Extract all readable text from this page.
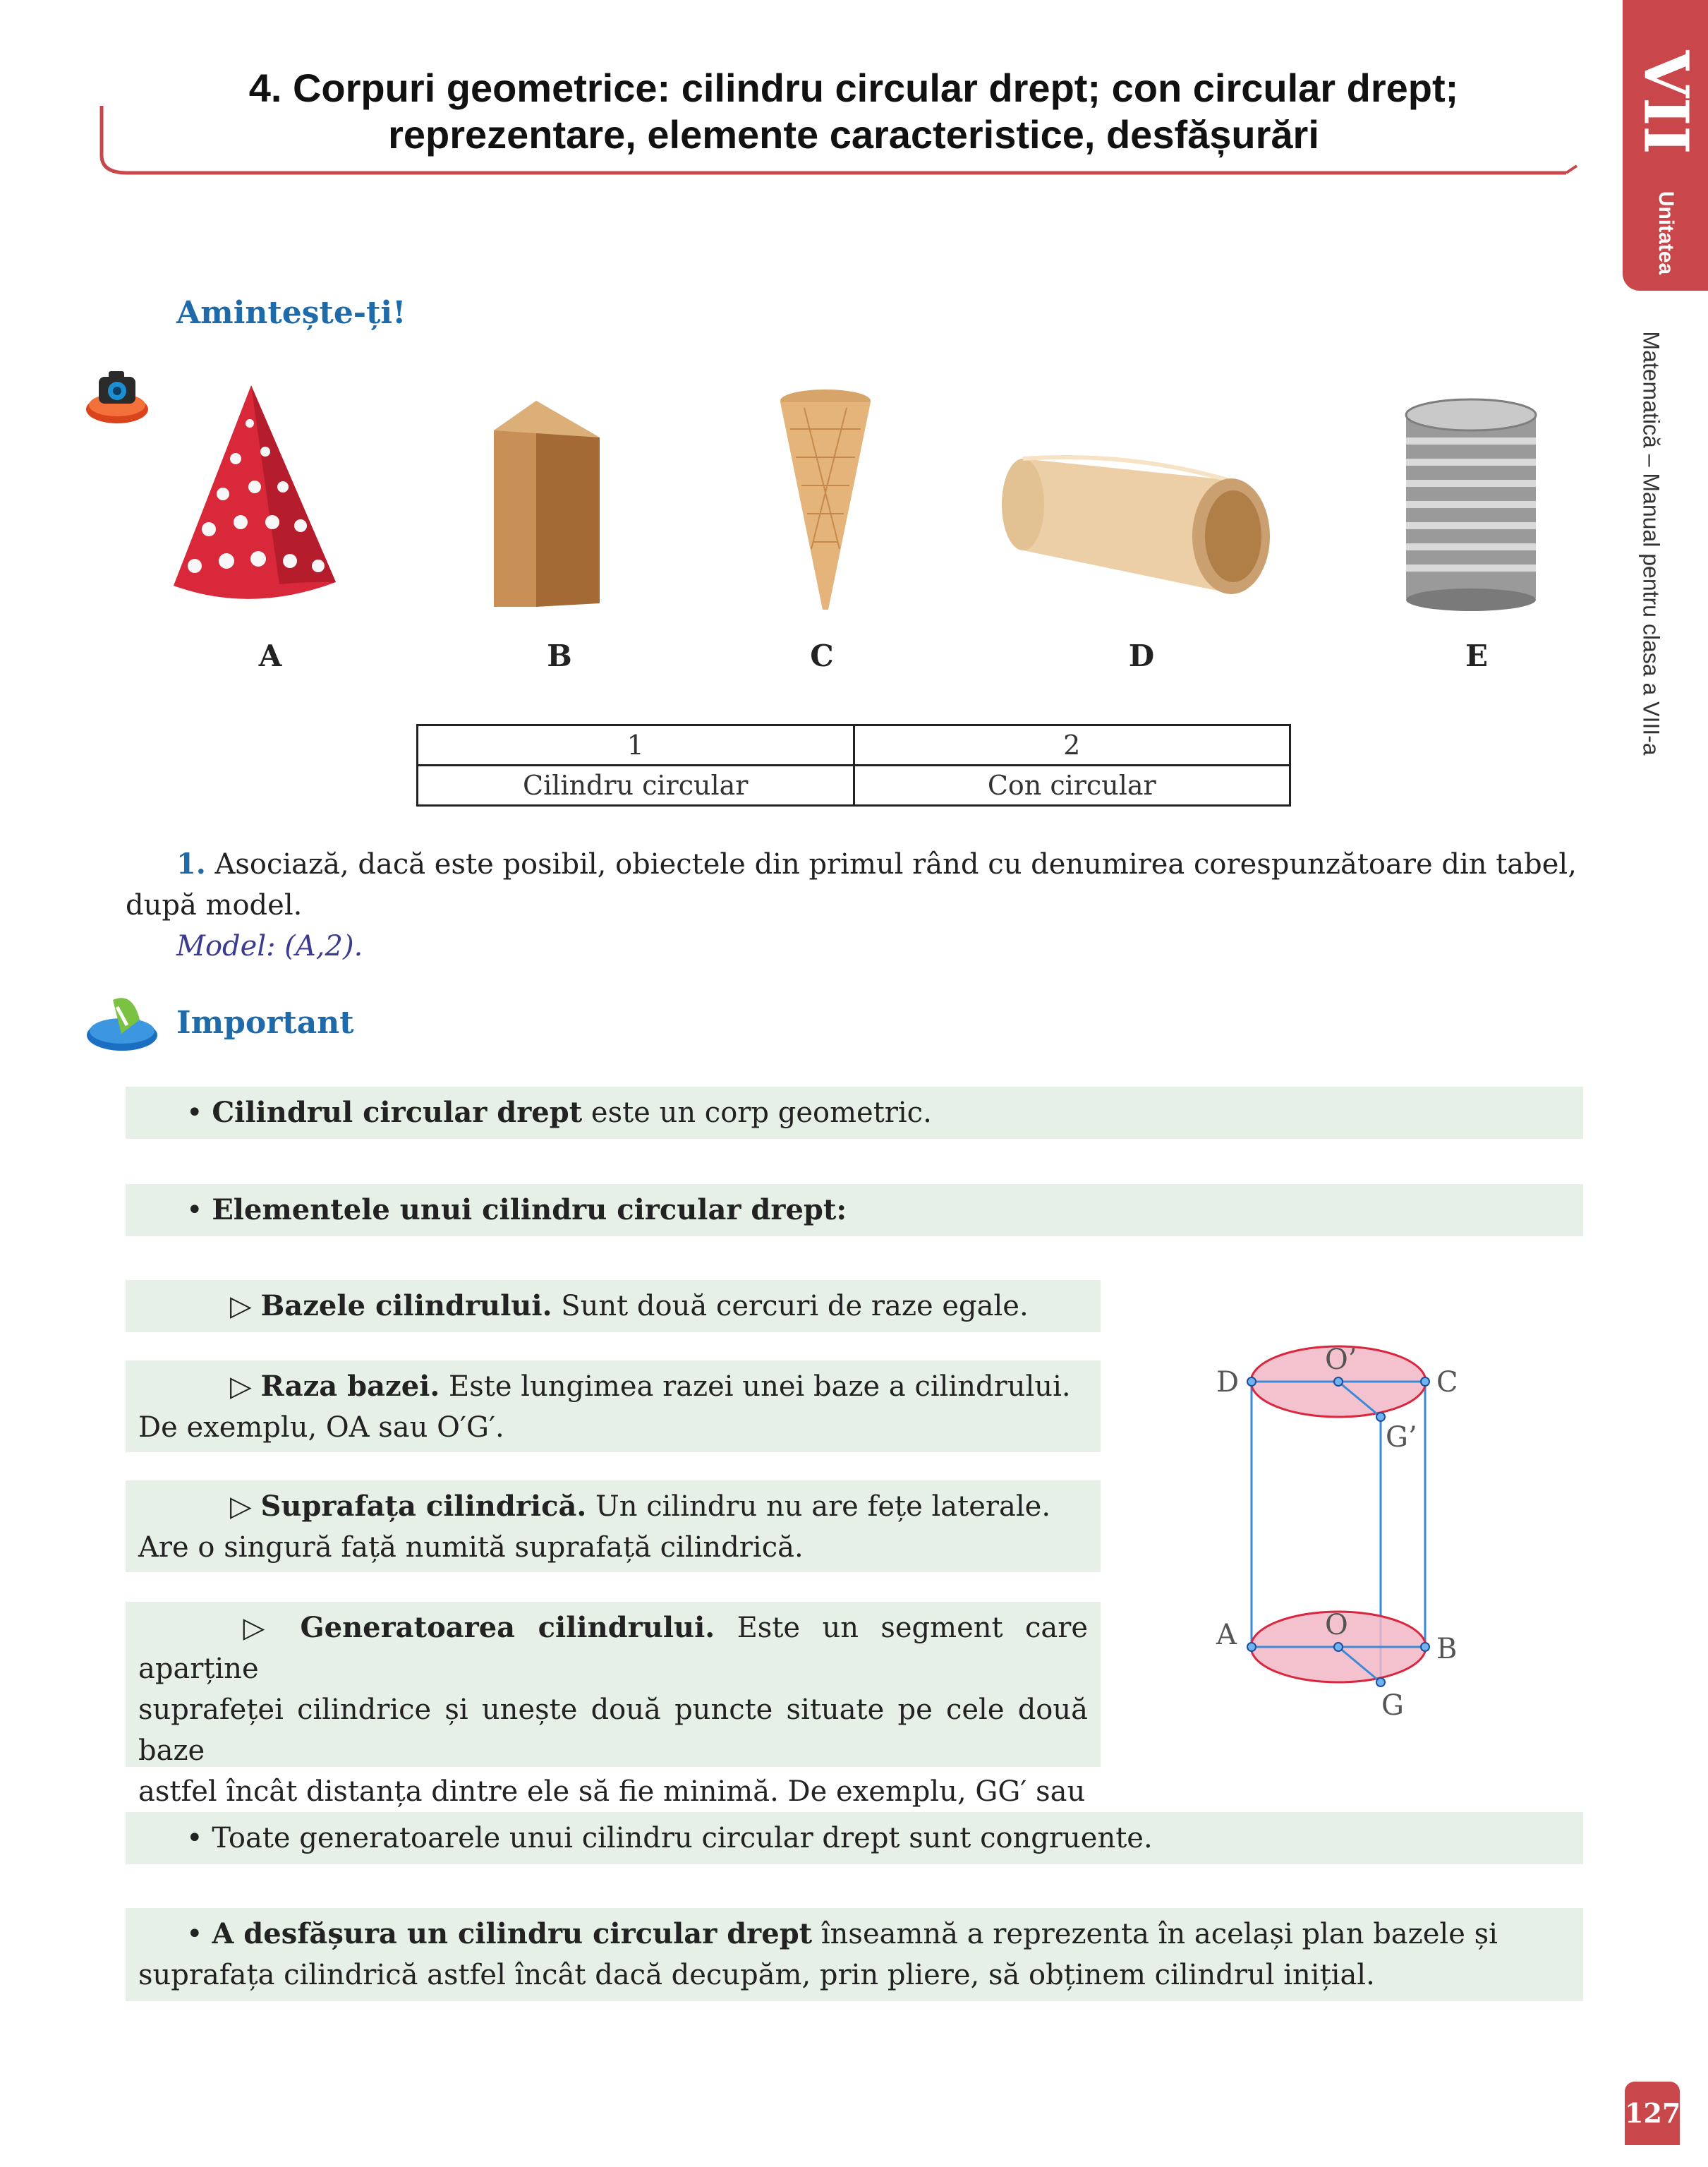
4. Corpuri geometrice: cilindru circular drept; con circular drept;
reprezentare, elemente caracteristice, desfășurări	VII
Unitatea
Matematică – Manual pentru clasa a VIII-a
Amintește-ți!
A	B	C	D	E
1	2
Cilindru circular	Con circular
1. Asociază, dacă este posibil, obiectele din primul rând cu denumirea corespunzătoare din tabel,
după model.
Model: (A,2).
Important
• Cilindrul circular drept este un corp geometric.
• Elementele unui cilindru circular drept:
▷ Bazele cilindrului. Sunt două cercuri de raze egale.
▷ Raza bazei. Este lungimea razei unei baze a cilindrului.
De exemplu, OA sau O′G′.
▷ Suprafața cilindrică. Un cilindru nu are fețe laterale.
Are o singură față numită suprafață cilindrică.
▷ Generatoarea cilindrului. Este un segment care aparține
suprafeței cilindrice și unește două puncte situate pe cele două baze
astfel încât distanța dintre ele să fie minimă. De exemplu, GG′ sau
• Toate generatoarele unui cilindru circular drept sunt congruente.
• A desfășura un cilindru circular drept înseamnă a reprezenta în același plan bazele și
suprafața cilindrică astfel încât dacă decupăm, prin pliere, să obținem cilindrul inițial.
D
O’
C
G’
A	O
B
G
127
